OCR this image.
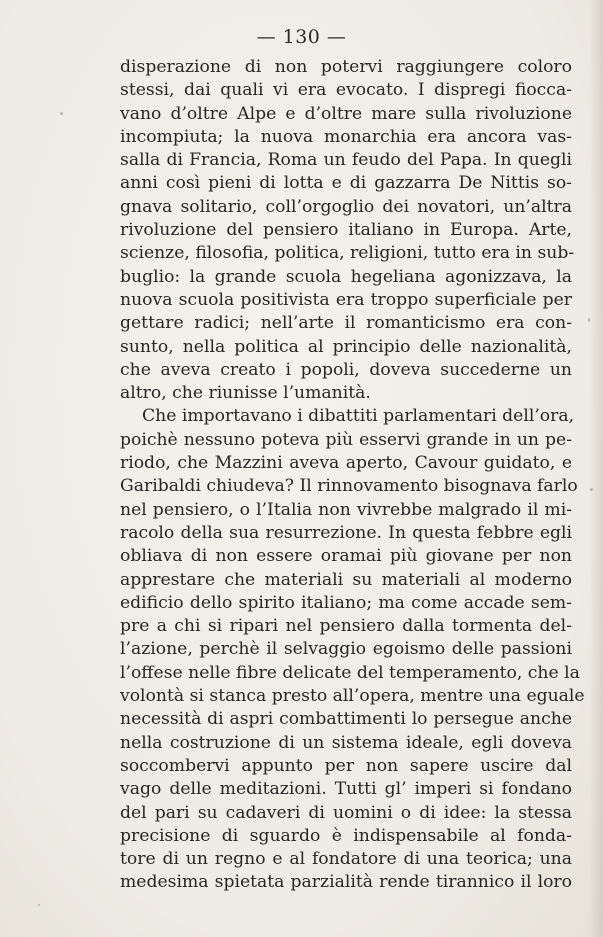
— 130 —
disperazione di non potervi raggiungere coloro
stessi, dai quali vi era evocato. I dispregi fiocca-
vano d’oltre Alpe e d’oltre mare sulla rivoluzione
incompiuta; la nuova monarchia era ancora vas-
salla di Francia, Roma un feudo del Papa. In quegli
anni così pieni di lotta e di gazzarra De Nittis so-
gnava solitario, coll’orgoglio dei novatori, un’altra
rivoluzione del pensiero italiano in Europa. Arte,
scienze, filosofia, politica, religioni, tutto era in sub-
buglio: la grande scuola hegeliana agonizzava, la
nuova scuola positivista era troppo superficiale per
gettare radici; nell’arte il romanticismo era con-
sunto, nella politica al principio delle nazionalità,
che aveva creato i popoli, doveva succederne un
altro, che riunisse l’umanità.
Che importavano i dibattiti parlamentari dell’ora,
poichè nessuno poteva più esservi grande in un pe-
riodo, che Mazzini aveva aperto, Cavour guidato, e
Garibaldi chiudeva? Il rinnovamento bisognava farlo
nel pensiero, o l’Italia non vivrebbe malgrado il mi-
racolo della sua resurrezione. In questa febbre egli
obliava di non essere oramai più giovane per non
apprestare che materiali su materiali al moderno
edificio dello spirito italiano; ma come accade sem-
pre a chi si ripari nel pensiero dalla tormenta del-
l’azione, perchè il selvaggio egoismo delle passioni
l’offese nelle fibre delicate del temperamento, che la
volontà si stanca presto all’opera, mentre una eguale
necessità di aspri combattimenti lo persegue anche
nella costruzione di un sistema ideale, egli doveva
soccombervi appunto per non sapere uscire dal
vago delle meditazioni. Tutti gl’ imperi si fondano
del pari su cadaveri di uomini o di idee: la stessa
precisione di sguardo è indispensabile al fonda-
tore di un regno e al fondatore di una teorica; una
medesima spietata parzialità rende tirannico il loro
